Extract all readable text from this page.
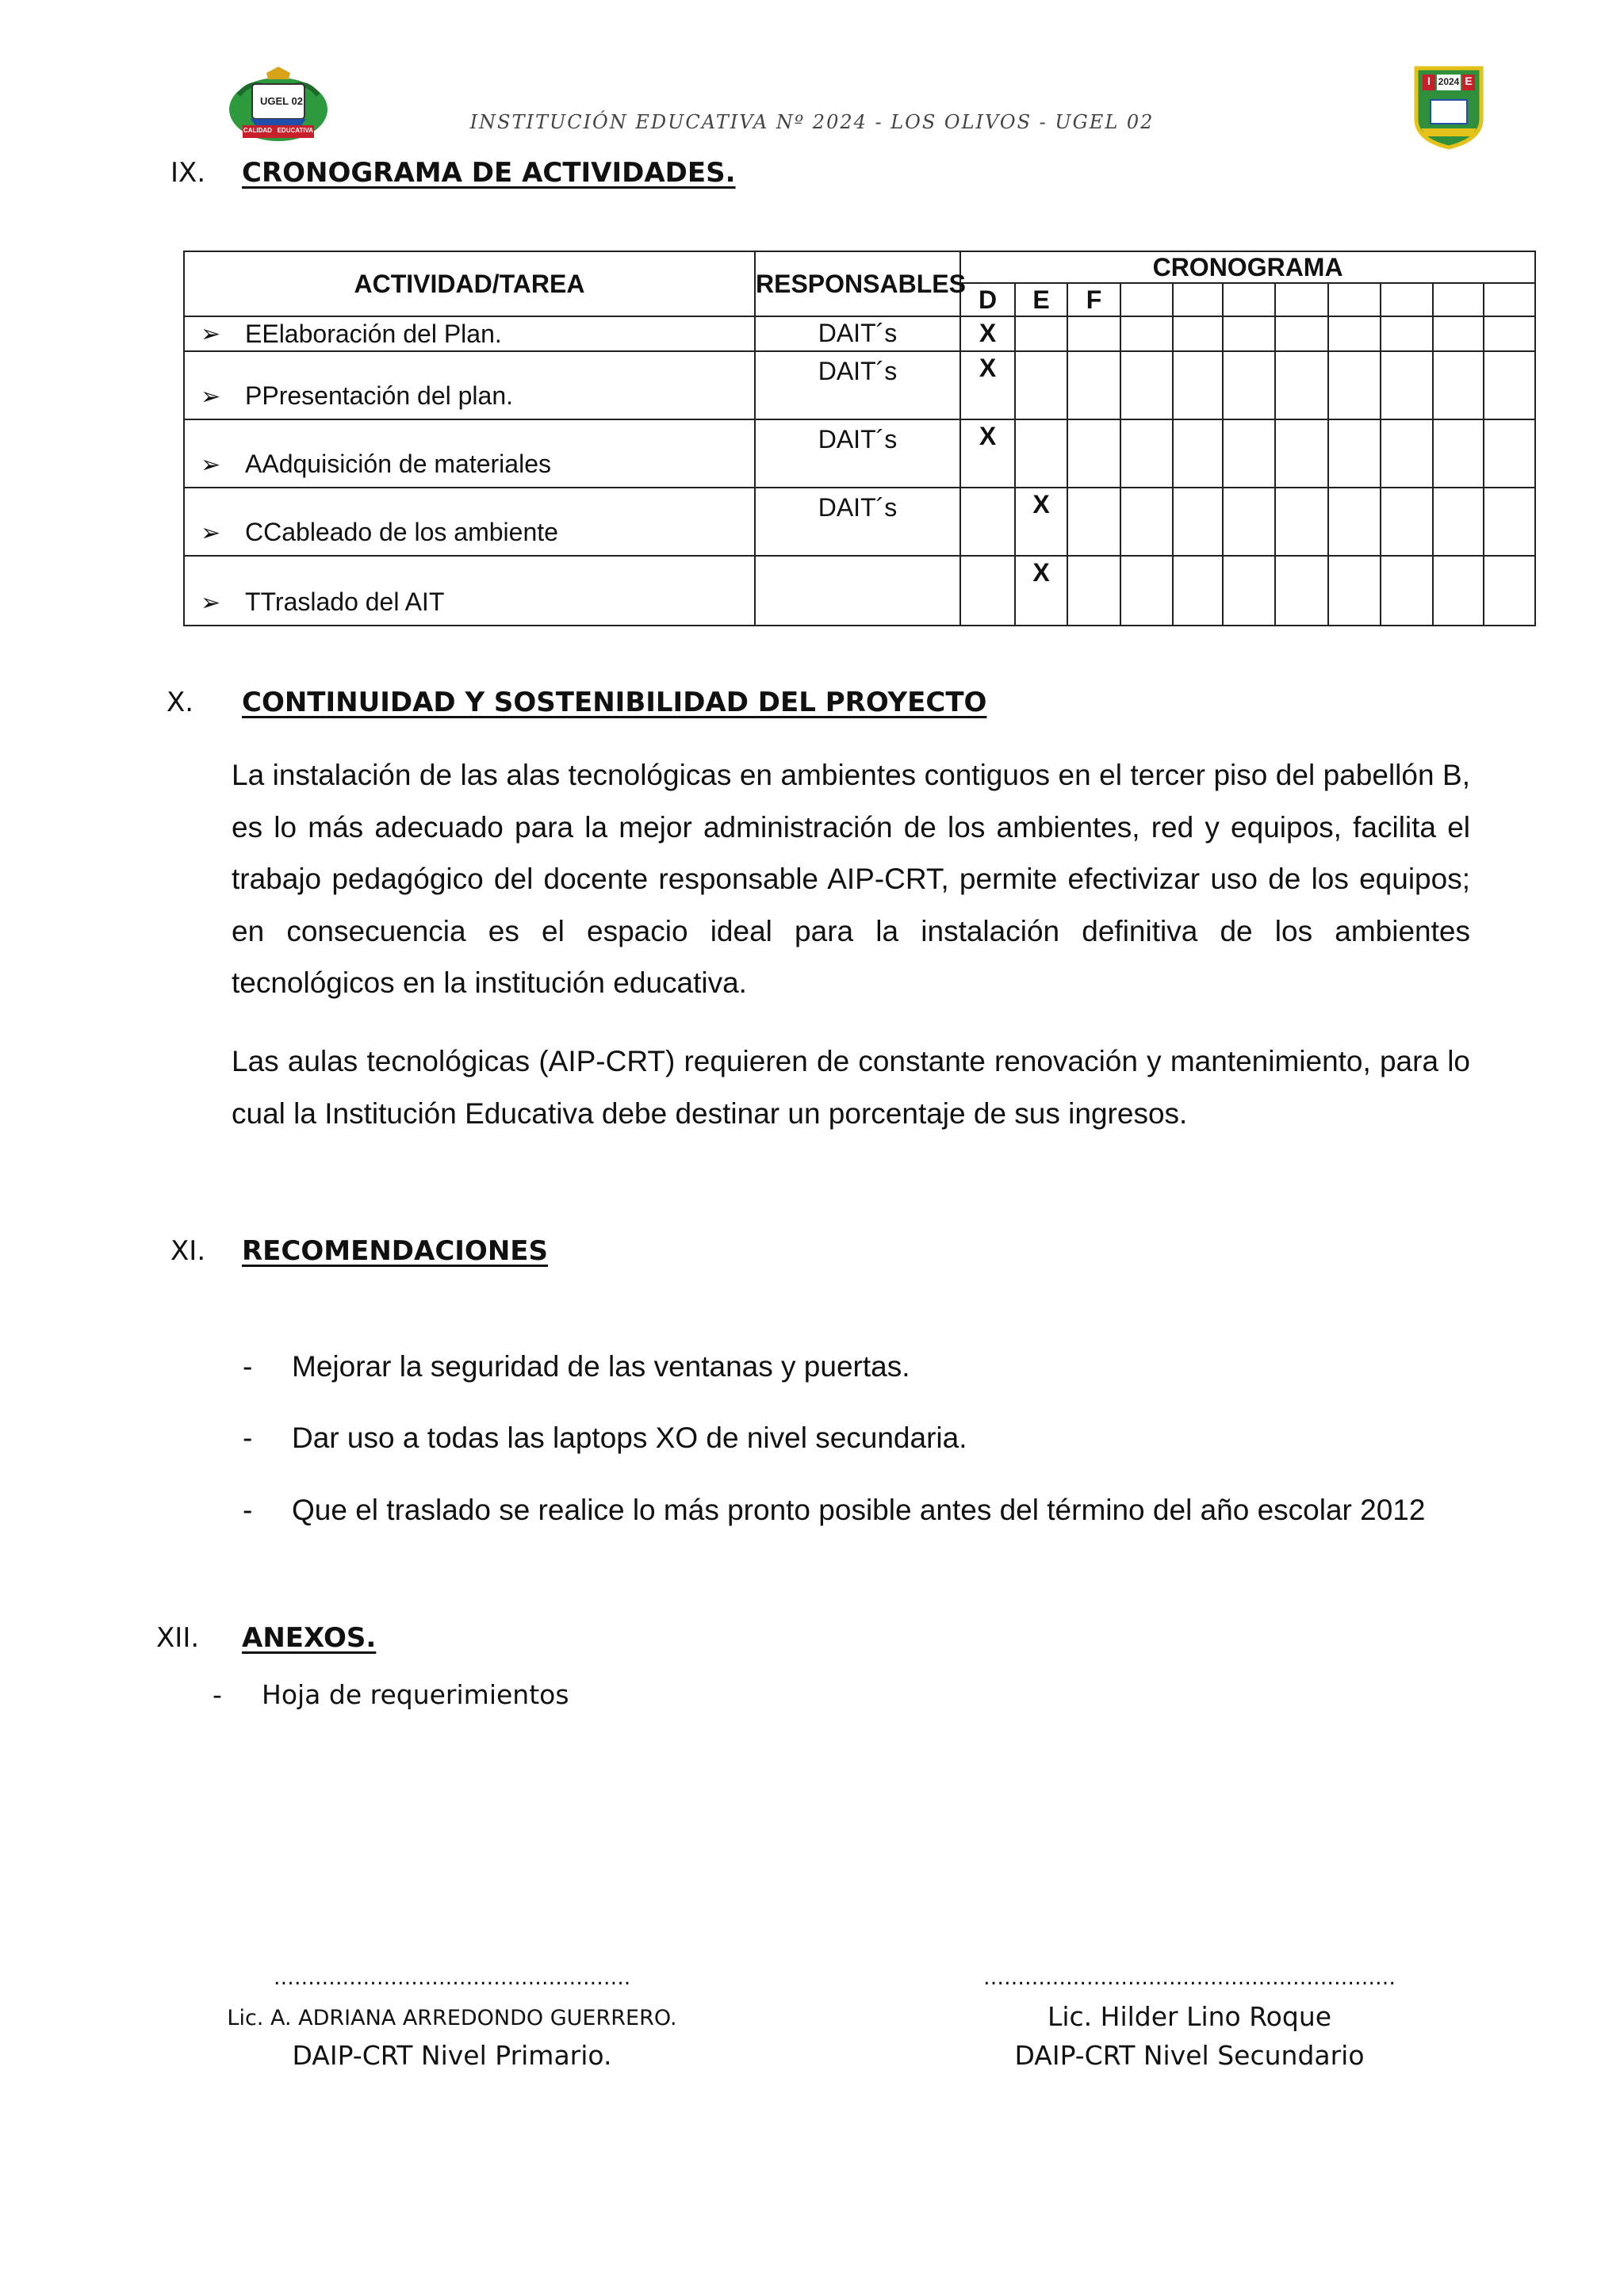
UGEL 02
CALIDAD   EDUCATIVA	INSTITUCIÓN EDUCATIVA Nº 2024 - LOS OLIVOS - UGEL 02
I 2024 E
IX. CRONOGRAMA DE ACTIVIDADES.
ACTIVIDAD/TAREA	RESPONSABLES	CRONOGRAMA										
		D	E	F								

➢ EElaboración del Plan.	DAIT´s	X										

➢ PPresentación del plan.	DAIT´s	X										

➢ AAdquisición de materiales	DAIT´s	X										

➢ CCableado de los ambiente	DAIT´s		X									

➢ TTraslado del AIT			X									
X. CONTINUIDAD Y SOSTENIBILIDAD DEL PROYECTO

La instalación de las alas tecnológicas en ambientes contiguos en el tercer piso del pabellón B, es lo más adecuado para la mejor administración de los ambientes, red y equipos, facilita el trabajo pedagógico del docente responsable AIP-CRT, permite efectivizar uso de los equipos; en consecuencia es el espacio ideal para la instalación definitiva de los ambientes tecnológicos en la institución educativa.

Las aulas tecnológicas (AIP-CRT) requieren de constante renovación y mantenimiento, para lo cual la Institución Educativa debe destinar un porcentaje de sus ingresos.

XI. RECOMENDACIONES
- Mejorar la seguridad de las ventanas y puertas.
- Dar uso a todas las laptops XO de nivel secundaria.
- Que el traslado se realice lo más pronto posible antes del término del año escolar 2012
XII. ANEXOS.
- Hoja de requerimientos
…………………………………………….
Lic. A. ADRIANA ARREDONDO GUERRERO.
DAIP-CRT Nivel Primario.
……………………………………………………
Lic. Hilder Lino Roque
DAIP-CRT Nivel Secundario
